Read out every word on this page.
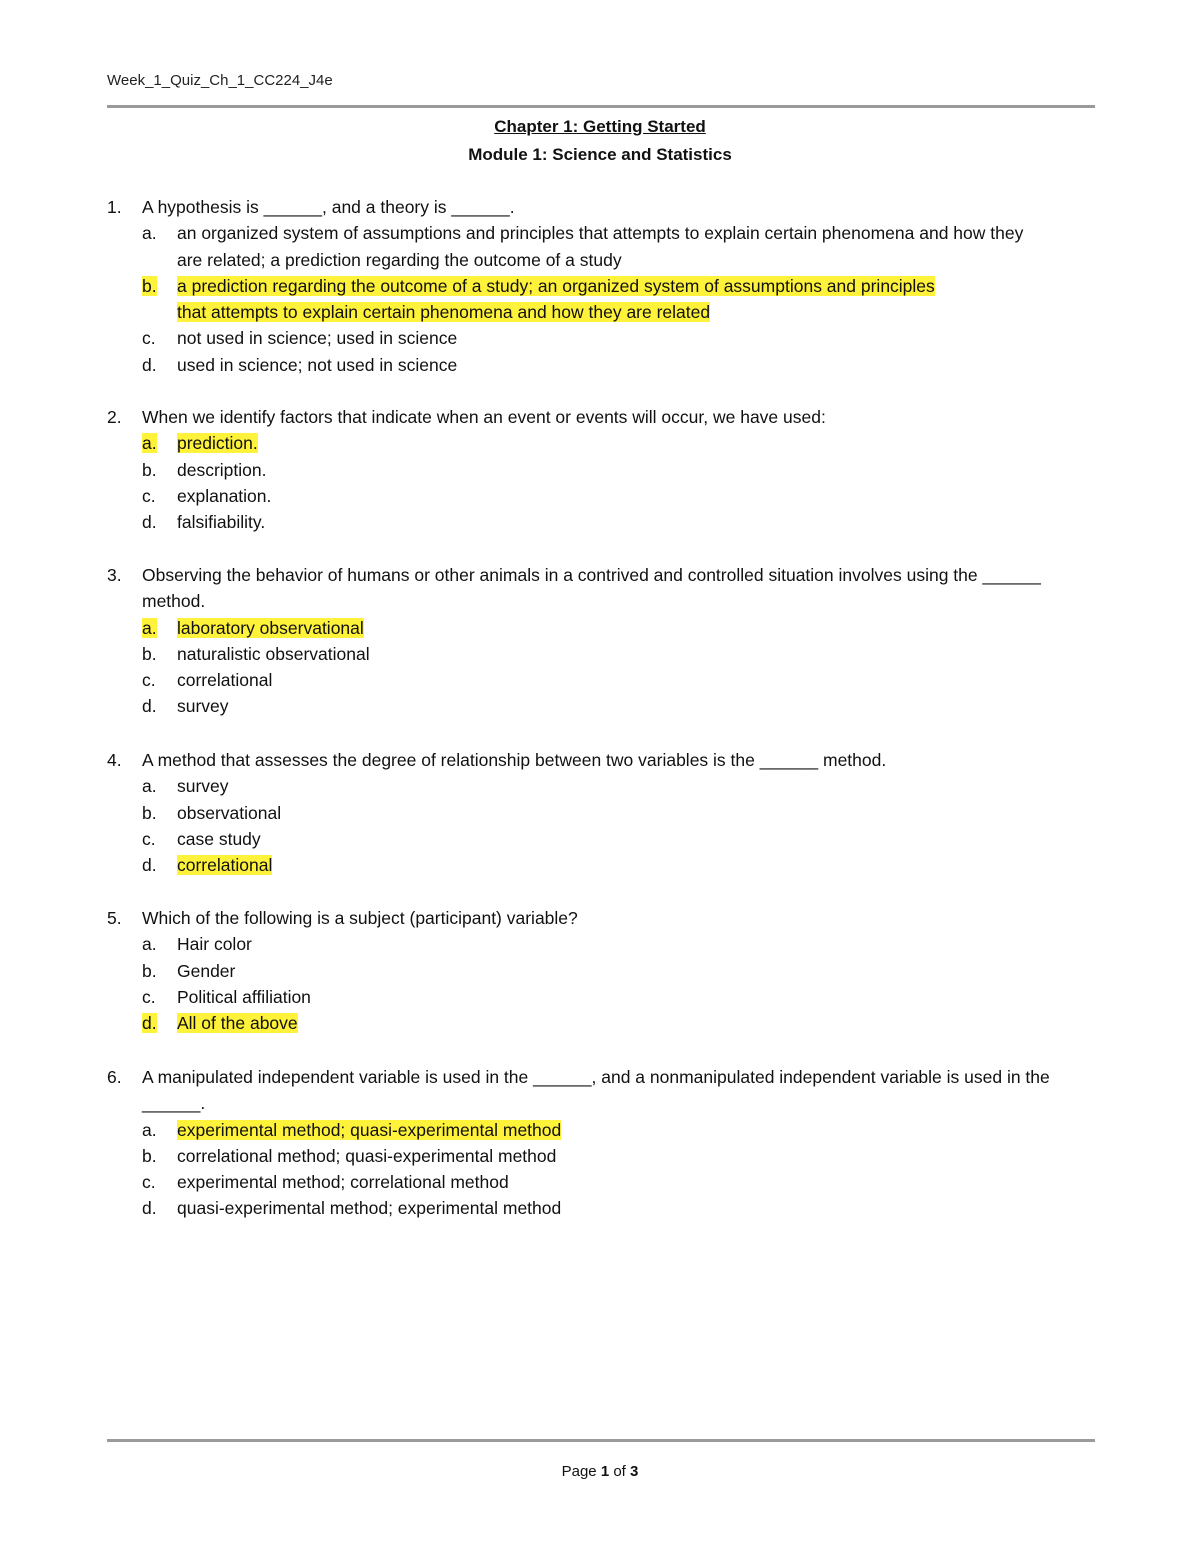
Week_1_Quiz_Ch_1_CC224_J4e
Chapter 1: Getting Started
Module 1: Science and Statistics
1.	A hypothesis is ______, and a theory is ______.
a.	an organized system of assumptions and principles that attempts to explain certain phenomena and how they are related; a prediction regarding the outcome of a study
b.	a prediction regarding the outcome of a study; an organized system of assumptions and principles that attempts to explain certain phenomena and how they are related
c.	not used in science; used in science
d.	used in science; not used in science
2.	When we identify factors that indicate when an event or events will occur, we have used:
a.	prediction.
b.	description.
c.	explanation.
d.	falsifiability.
3.	Observing the behavior of humans or other animals in a contrived and controlled situation involves using the ______ method.
a.	laboratory observational
b.	naturalistic observational
c.	correlational
d.	survey
4.	A method that assesses the degree of relationship between two variables is the ______ method.
a.	survey
b.	observational
c.	case study
d.	correlational
5.	Which of the following is a subject (participant) variable?
a.	Hair color
b.	Gender
c.	Political affiliation
d.	All of the above
6.	A manipulated independent variable is used in the ______, and a nonmanipulated independent variable is used in the ______.
a.	experimental method; quasi-experimental method
b.	correlational method; quasi-experimental method
c.	experimental method; correlational method
d.	quasi-experimental method; experimental method
Page 1 of 3
